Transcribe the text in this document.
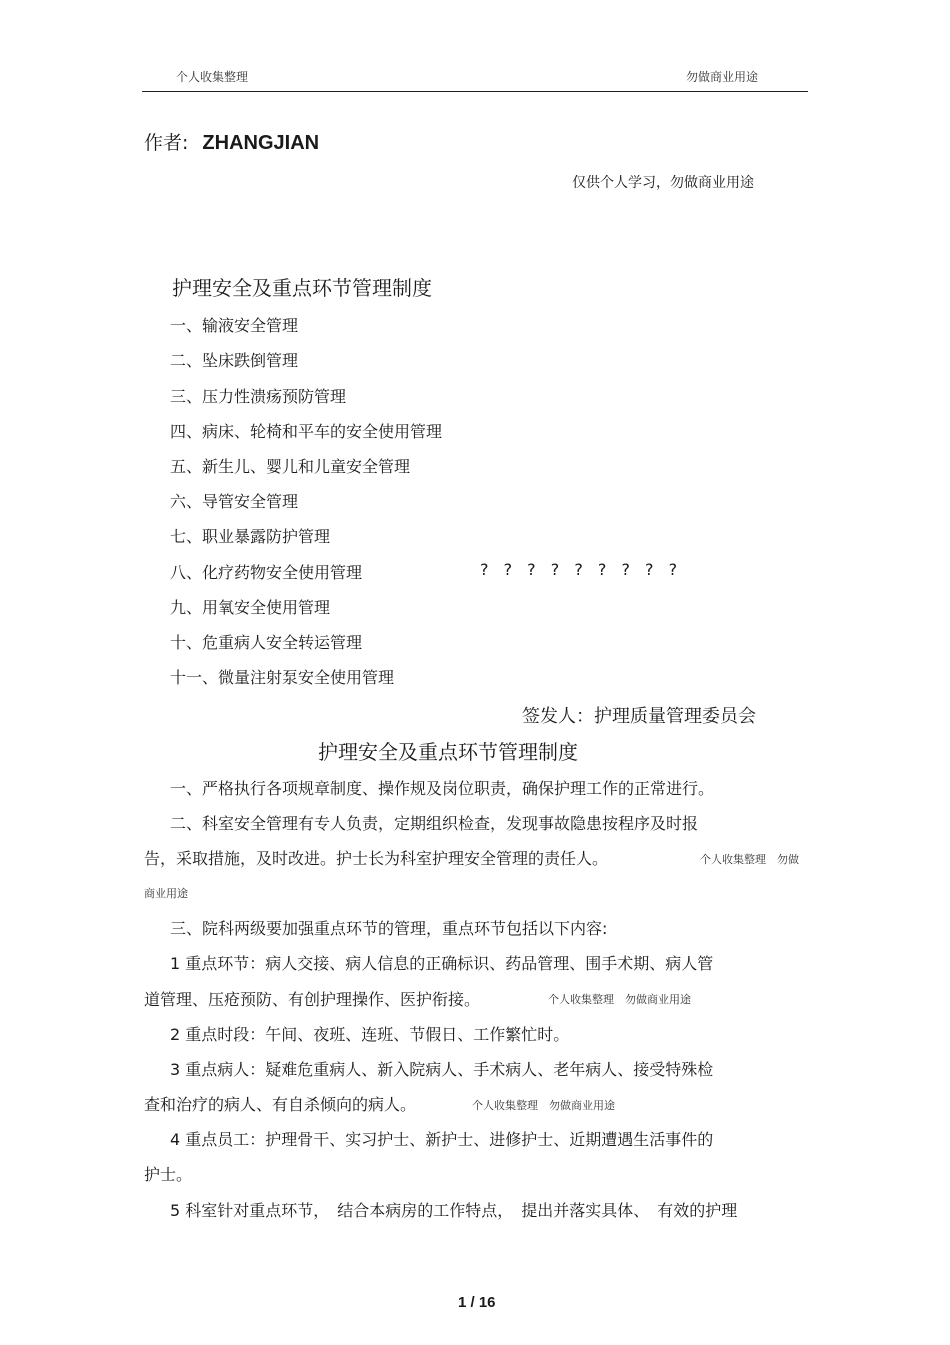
个人收集整理	勿做商业用途
作者: ZHANGJIAN
仅供个人学习，勿做商业用途
护理安全及重点环节管理制度
一、输液安全管理
二、坠床跌倒管理
三、压力性溃疡预防管理
四、病床、轮椅和平车的安全使用管理
五、新生儿、婴儿和儿童安全管理
六、导管安全管理
七、职业暴露防护管理
八、化疗药物安全使用管理	? ? ? ? ? ? ? ? ?
九、用氧安全使用管理
十、危重病人安全转运管理
十一、微量注射泵安全使用管理
签发人：护理质量管理委员会
护理安全及重点环节管理制度
一、严格执行各项规章制度、操作规及岗位职责，确保护理工作的正常进行。
二、科室安全管理有专人负责，定期组织检查，发现事故隐患按程序及时报
告，采取措施，及时改进。护士长为科室护理安全管理的责任人。	个人收集整理　勿做
商业用途
三、院科两级要加强重点环节的管理，重点环节包括以下内容:
1 重点环节：病人交接、病人信息的正确标识、药品管理、围手术期、病人管
道管理、压疮预防、有创护理操作、医护衔接。	个人收集整理　勿做商业用途
2 重点时段：午间、夜班、连班、节假日、工作繁忙时。
3 重点病人：疑难危重病人、新入院病人、手术病人、老年病人、接受特殊检
查和治疗的病人、有自杀倾向的病人。	个人收集整理　勿做商业用途
4 重点员工：护理骨干、实习护士、新护士、进修护士、近期遭遇生活事件的
护士。
5 科室针对重点环节，　结合本病房的工作特点，　提出并落实具体、　有效的护理
1 / 16
